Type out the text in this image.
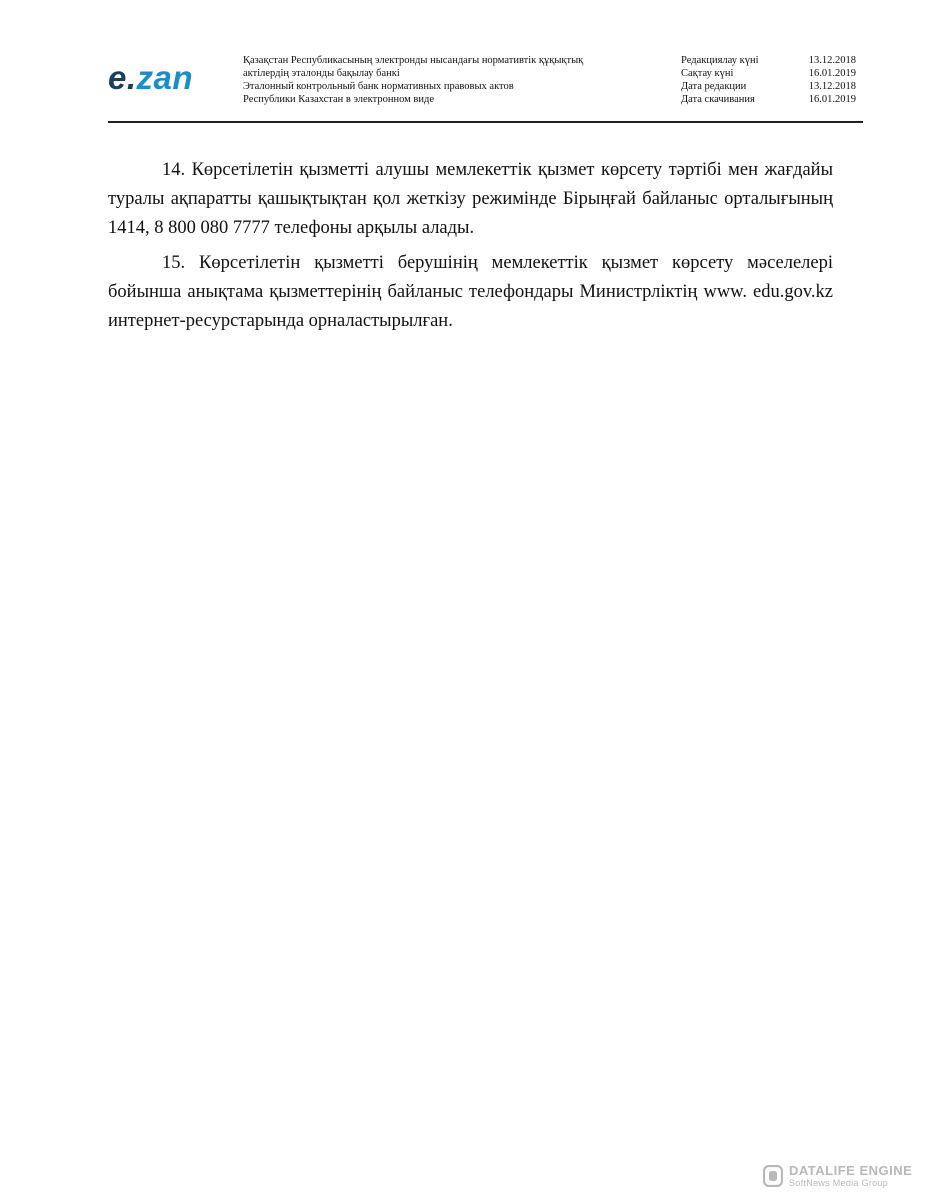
e.zan	Қазақстан Республикасының электронды нысандағы нормативтік құқықтық
актілердің эталонды бақылау банкі
Эталонный контрольный банк нормативных правовых актов
Республики Казахстан в электронном виде
Редакциялау күні	13.12.2018
Сақтау күні	16.01.2019
Дата редакции	13.12.2018
Дата скачивания	16.01.2019

14. Көрсетілетін қызметті алушы мемлекеттік қызмет көрсету тәртібі мен жағдайы туралы ақпаратты қашықтықтан қол жеткізу режимінде Бірыңғай байланыс орталығының 1414, 8 800 080 7777 телефоны арқылы алады.

15. Көрсетілетін қызметті берушінің мемлекеттік қызмет көрсету мәселелері бойынша анықтама қызметтерінің байланыс телефондары Министрліктің www. edu.gov.kz интернет-ресурстарында орналастырылған.

DATALIFE ENGINE
SoftNews Media Group
